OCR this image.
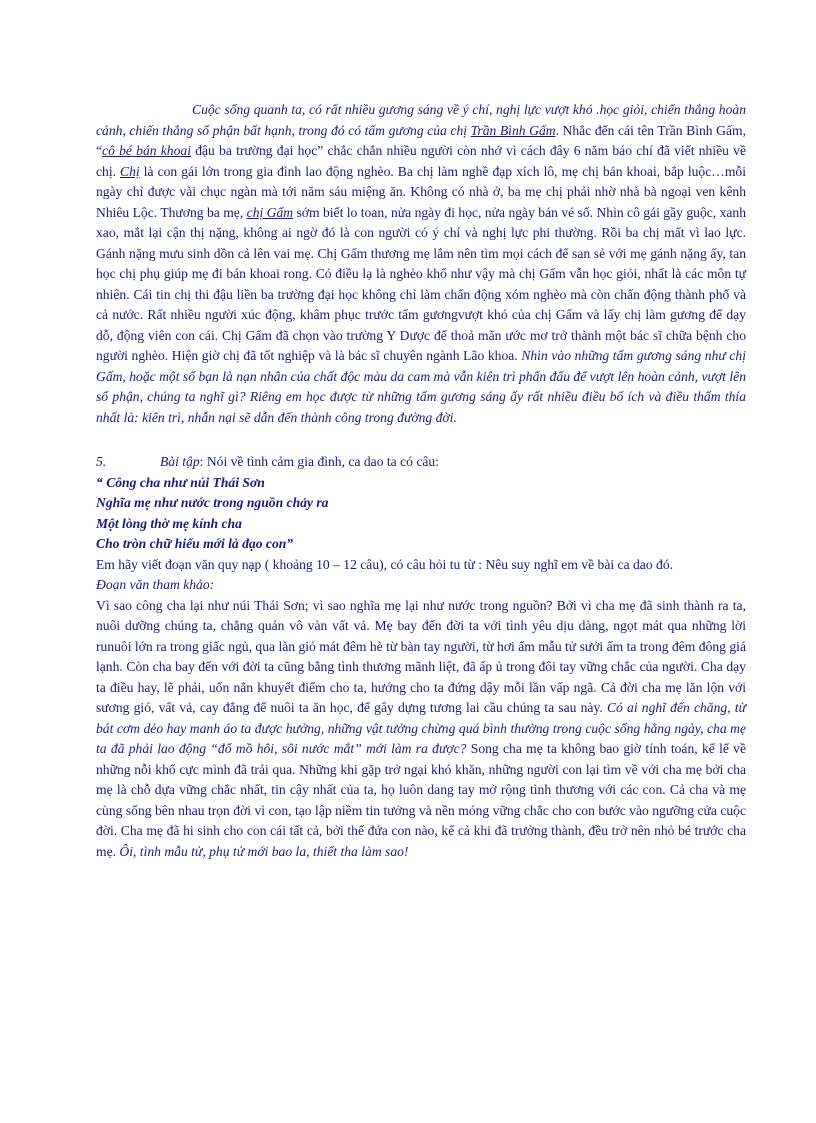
Cuộc sống quanh ta, có rất nhiều gương sáng về ý chí, nghị lực vượt khó .học giỏi, chiến thắng hoàn cảnh, chiến thắng số phận bất hạnh, trong đó có tấm gương của chị Trần Bình Gấm. Nhắc đến cái tên Trần Bình Gấm, “cô bé bán khoai đậu ba trường đại học” chắc chắn nhiều người còn nhớ vì cách đây 6 năm báo chí đã viết nhiều về chị. Chị là con gái lớn trong gia đình lao động nghèo. Ba chị làm nghề đạp xích lô, mẹ chị bán khoai, bắp luộc…mỗi ngày chỉ được vài chục ngàn mà tới năm sáu miệng ăn. Không có nhà ở, ba mẹ chị phải nhờ nhà bà ngoại ven kênh Nhiêu Lộc. Thương ba mẹ, chị Gấm sớm biết lo toan, nửa ngày đi học, nửa ngày bán vé số. Nhìn cô gái gầy guộc, xanh xao, mắt lại cận thị nặng, không ai ngờ đó là con người có ý chí và nghị lực phi thường. Rồi ba chị mất vì lao lực. Gánh nặng mưu sinh dồn cả lên vai mẹ. Chị Gấm thương mẹ lắm nên tìm mọi cách để san sẻ với mẹ gánh nặng ấy, tan học chị phụ giúp mẹ đi bán khoai rong. Có điều lạ là nghèo khổ như vậy mà chị Gấm vẫn học giỏi, nhất là các môn tự nhiên. Cái tin chị thi đậu liền ba trường đại học không chỉ làm chấn động xóm nghèo mà còn chấn động thành phố và cả nước. Rất nhiều người xúc động, khâm phục trước tấm gươngvượt khó của chị Gấm và lấy chị làm gương để dạy dỗ, động viên con cái. Chị Gấm đã chọn vào trường Y Dược để thoả mãn ước mơ trở thành một bác sĩ chữa bệnh cho người nghèo. Hiện giờ chị đã tốt nghiệp và là bác sĩ chuyên ngành Lão khoa. Nhìn vào những tấm gương sáng như chị Gấm, hoặc một số bạn là nạn nhân của chất độc màu da cam mà vẫn kiên trì phấn đấu để vượt lên hoàn cảnh, vượt lên số phận, chúng ta nghĩ gì? Riêng em học được từ những tấm gương sáng ấy rất nhiều điều bổ ích và điều thấm thía nhất là: kiên trì, nhẫn nại sẽ dẫn đến thành công trong đường đời.

5.	Bài tập: Nói về tình cảm gia đình, ca dao ta có câu:

“ Công cha như núi Thái Sơn

Nghĩa mẹ như nước trong nguồn chảy ra

Một lòng thờ mẹ kính cha

Cho tròn chữ hiếu mới là đạo con”

Em hãy viết đoạn văn quy nạp ( khoảng 10 – 12 câu), có câu hỏi tu từ : Nêu suy nghĩ em về bài ca dao đó.

Đoạn văn tham khảo:

Vì sao công cha lại như núi Thái Sơn; vì sao nghĩa mẹ lại như nước trong nguồn? Bởi vì cha mẹ đã sinh thành ra ta, nuôi dưỡng chúng ta, chẳng quản vô vàn vất vả. Mẹ bay đến đời ta với tình yêu dịu dàng, ngọt mát qua những lời runuôi lớn ra trong giấc ngủ, qua làn gió mát đêm hè từ bàn tay người, từ hơi ấm mẫu tử sưởi ấm ta trong đêm đông giá lạnh. Còn cha bay đến với đời ta cũng bằng tình thương mãnh liệt, đã ấp ủ trong đôi tay vững chắc của người. Cha dạy ta điều hay, lẽ phải, uốn nắn khuyết điểm cho ta, hướng cho ta đứng dậy mỗi lần vấp ngã. Cả đời cha mẹ lăn lộn với sương gió, vất vả, cay đắng để nuôi ta ăn học, để gây dựng tương lai cầu chúng ta sau này. Có ai nghĩ đến chăng, từ bát cơm dẻo hay manh áo ta được hưởng, những vật tưởng chừng quá bình thường trong cuộc sống hằng ngày, cha mẹ ta đã phải lao động “đổ mồ hôi, sôi nước mắt” mới làm ra được? Song cha mẹ ta không bao giờ tính toán, kể lể về những nỗi khổ cực mình đã trải qua. Những khi gặp trở ngại khó khăn, những người con lại tìm về với cha mẹ bởi cha mẹ là chỗ dựa vững chắc nhất, tin cậy nhất của ta, họ luôn dang tay mở rộng tình thương với các con. Cả cha và mẹ cùng sống bên nhau trọn đời vì con, tạo lập niềm tin tưởng và nền móng vững chắc cho con bước vào ngưỡng cửa cuộc đời. Cha mẹ đã hi sinh cho con cái tất cả, bởi thế đứa con nào, kể cả khi đã trưởng thành, đều trở nên nhỏ bé trước cha mẹ. Ôi, tình mẫu tử, phụ tử mới bao la, thiết tha làm sao!
